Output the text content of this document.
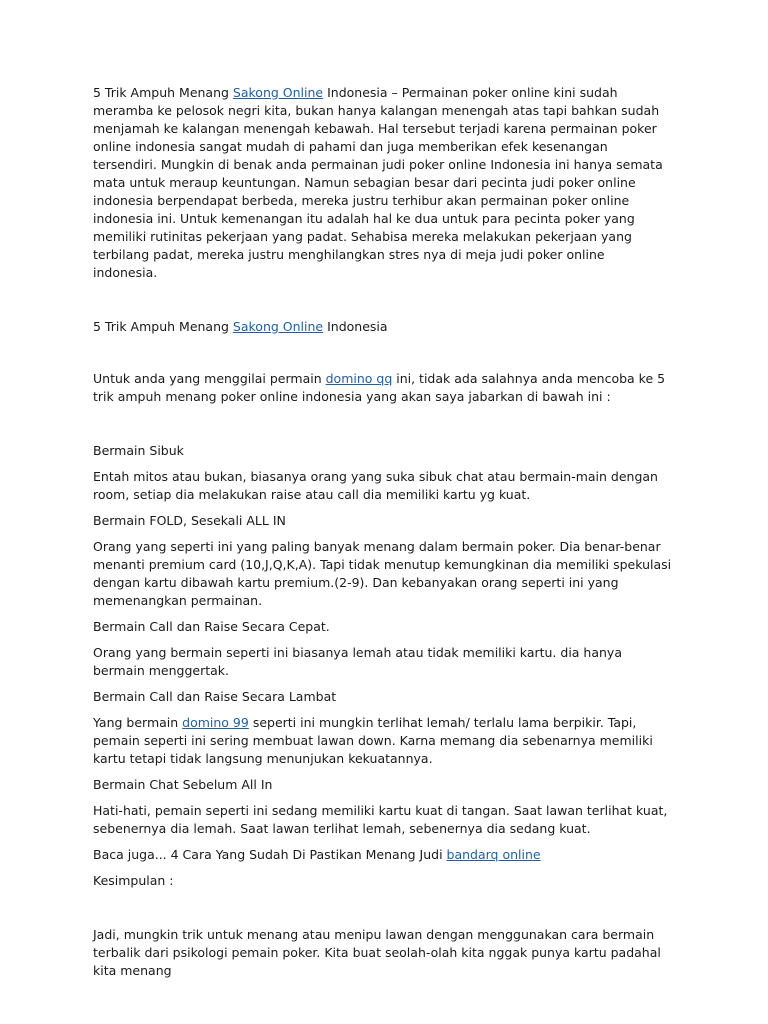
5 Trik Ampuh Menang Sakong Online Indonesia – Permainan poker online kini sudah meramba ke pelosok negri kita, bukan hanya kalangan menengah atas tapi bahkan sudah menjamah ke kalangan menengah kebawah. Hal tersebut terjadi karena permainan poker online indonesia sangat mudah di pahami dan juga memberikan efek kesenangan tersendiri. Mungkin di benak anda permainan judi poker online Indonesia ini hanya semata mata untuk meraup keuntungan. Namun sebagian besar dari pecinta judi poker online indonesia berpendapat berbeda, mereka justru terhibur akan permainan poker online indonesia ini. Untuk kemenangan itu adalah hal ke dua untuk para pecinta poker yang memiliki rutinitas pekerjaan yang padat. Sehabisa mereka melakukan pekerjaan yang terbilang padat, mereka justru menghilangkan stres nya di meja judi poker online indonesia.

5 Trik Ampuh Menang Sakong Online Indonesia

Untuk anda yang menggilai permain domino qq ini, tidak ada salahnya anda mencoba ke 5 trik ampuh menang poker online indonesia yang akan saya jabarkan di bawah ini :

Bermain Sibuk

Entah mitos atau bukan, biasanya orang yang suka sibuk chat atau bermain-main dengan room, setiap dia melakukan raise atau call dia memiliki kartu yg kuat.

Bermain FOLD, Sesekali ALL IN

Orang yang seperti ini yang paling banyak menang dalam bermain poker. Dia benar-benar menanti premium card (10,J,Q,K,A). Tapi tidak menutup kemungkinan dia memiliki spekulasi dengan kartu dibawah kartu premium.(2-9). Dan kebanyakan orang seperti ini yang memenangkan permainan.

Bermain Call dan Raise Secara Cepat.

Orang yang bermain seperti ini biasanya lemah atau tidak memiliki kartu. dia hanya bermain menggertak.

Bermain Call dan Raise Secara Lambat

Yang bermain domino 99 seperti ini mungkin terlihat lemah/ terlalu lama berpikir. Tapi, pemain seperti ini sering membuat lawan down. Karna memang dia sebenarnya memiliki kartu tetapi tidak langsung menunjukan kekuatannya.

Bermain Chat Sebelum All In

Hati-hati, pemain seperti ini sedang memiliki kartu kuat di tangan. Saat lawan terlihat kuat, sebenernya dia lemah. Saat lawan terlihat lemah, sebenernya dia sedang kuat.

Baca juga... 4 Cara Yang Sudah Di Pastikan Menang Judi bandarq online

Kesimpulan :

Jadi, mungkin trik untuk menang atau menipu lawan dengan menggunakan cara bermain terbalik dari psikologi pemain poker. Kita buat seolah-olah kita nggak punya kartu padahal kita menang
